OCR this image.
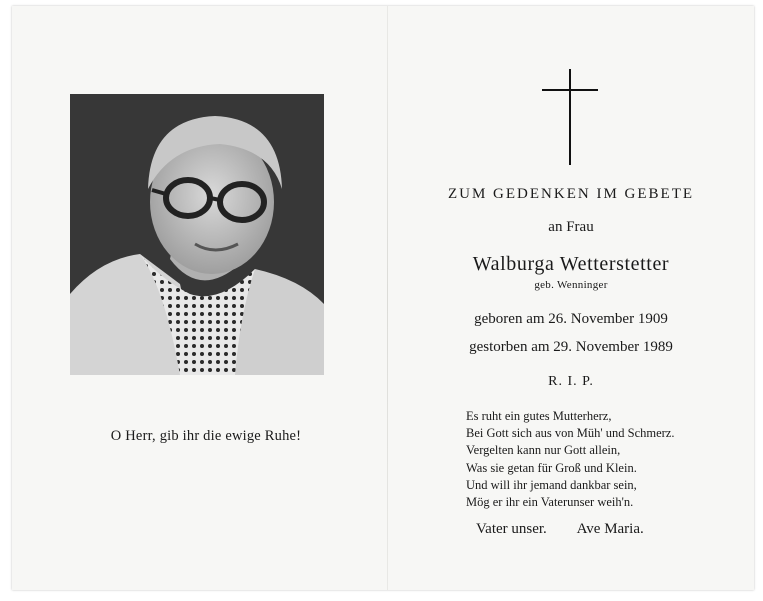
O Herr, gib ihr die ewige Ruhe!
ZUM GEDENKEN IM GEBETE
an Frau
Walburga Wetterstetter
geb. Wenninger
geboren am 26. November 1909
gestorben am 29. November 1989
R. I. P.
Es ruht ein gutes Mutterherz,
Bei Gott sich aus von Müh' und Schmerz.
Vergelten kann nur Gott allein,
Was sie getan für Groß und Klein.
Und will ihr jemand dankbar sein,
Mög er ihr ein Vaterunser weih'n.
Vater unser. Ave Maria.
